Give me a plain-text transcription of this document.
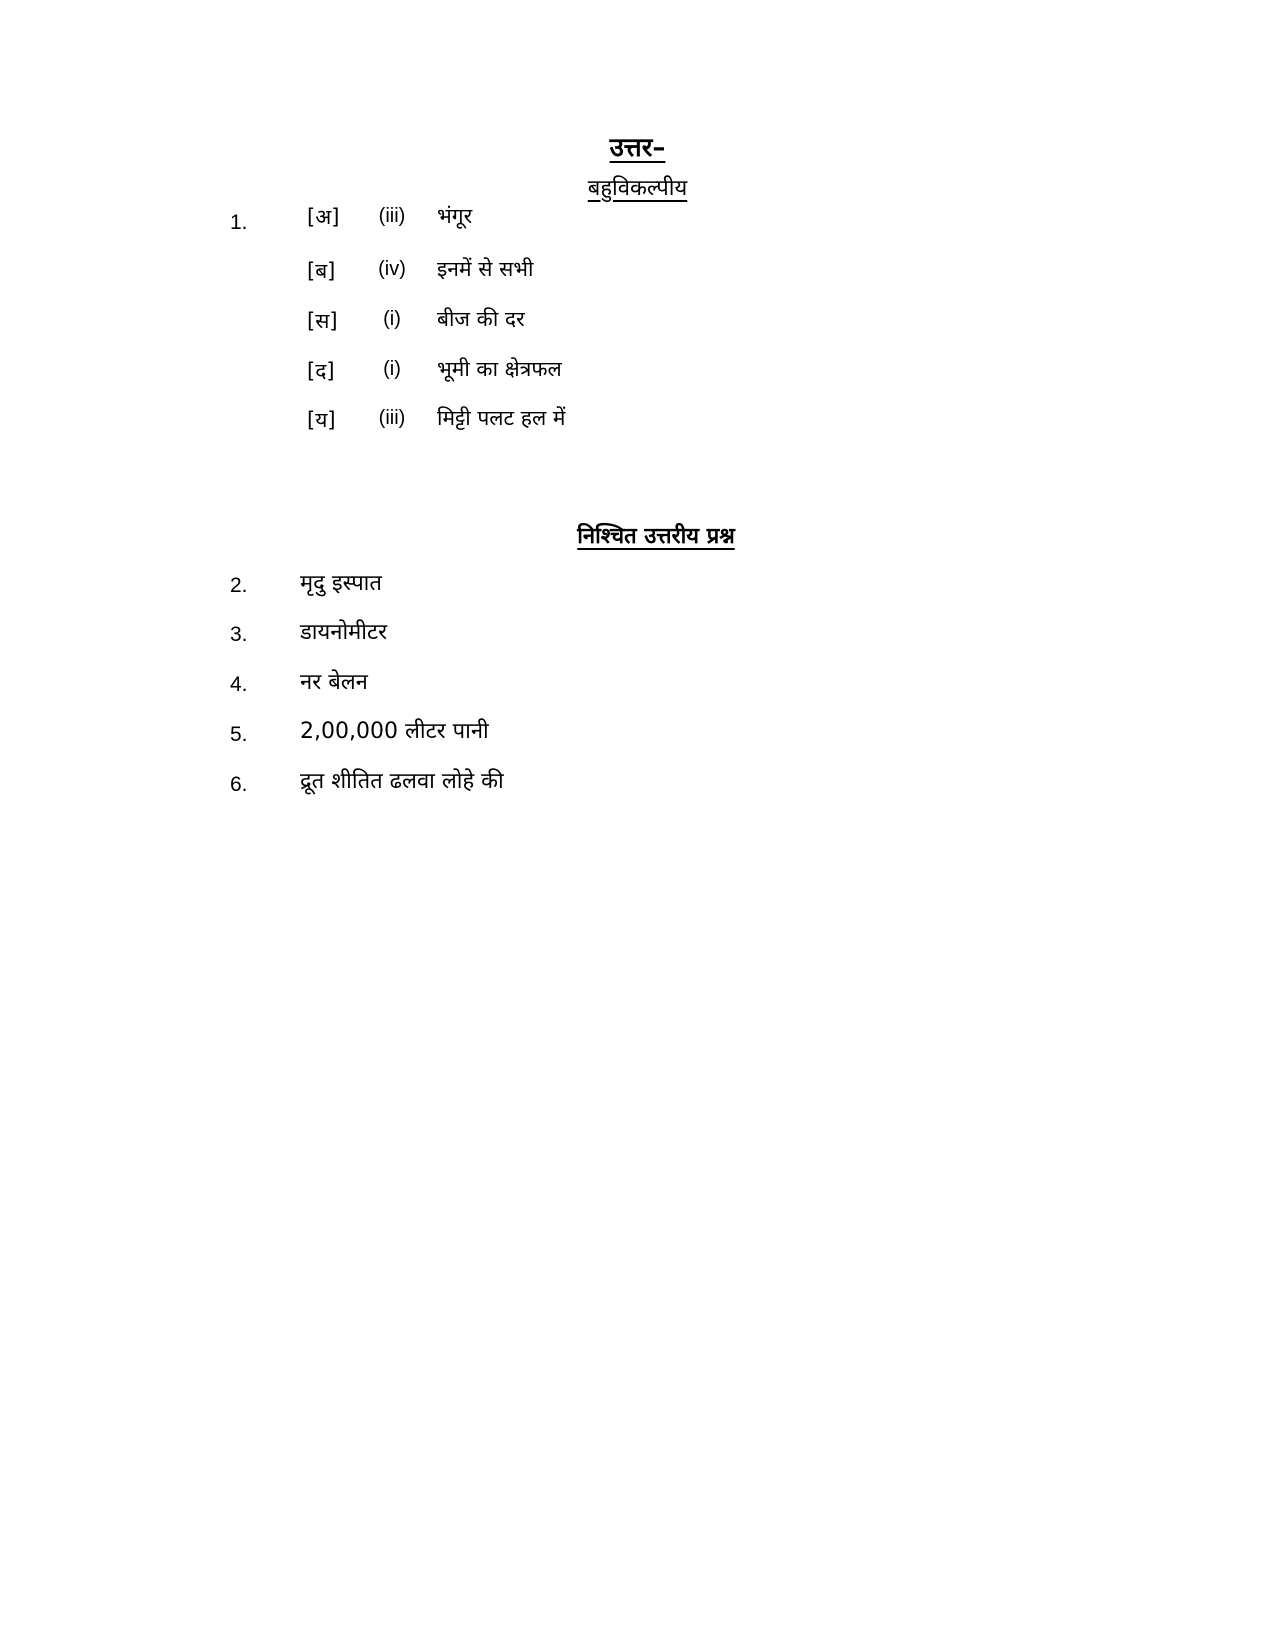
उत्तर–
बहुविकल्पीय
1.	[अ]	(iii)	भंगूर
[ब]	(iv)	इनमें से सभी
[स]	(i)	बीज की दर
[द]	(i)	भूमी का क्षेत्रफल
[य]	(iii)	मिट्टी पलट हल में
निश्चित उत्तरीय प्रश्न
2. मृदु इस्पात
3. डायनोमीटर
4. नर बेलन
5. 2,00,000 लीटर पानी
6. द्रूत शीतित ढलवा लोहे की
